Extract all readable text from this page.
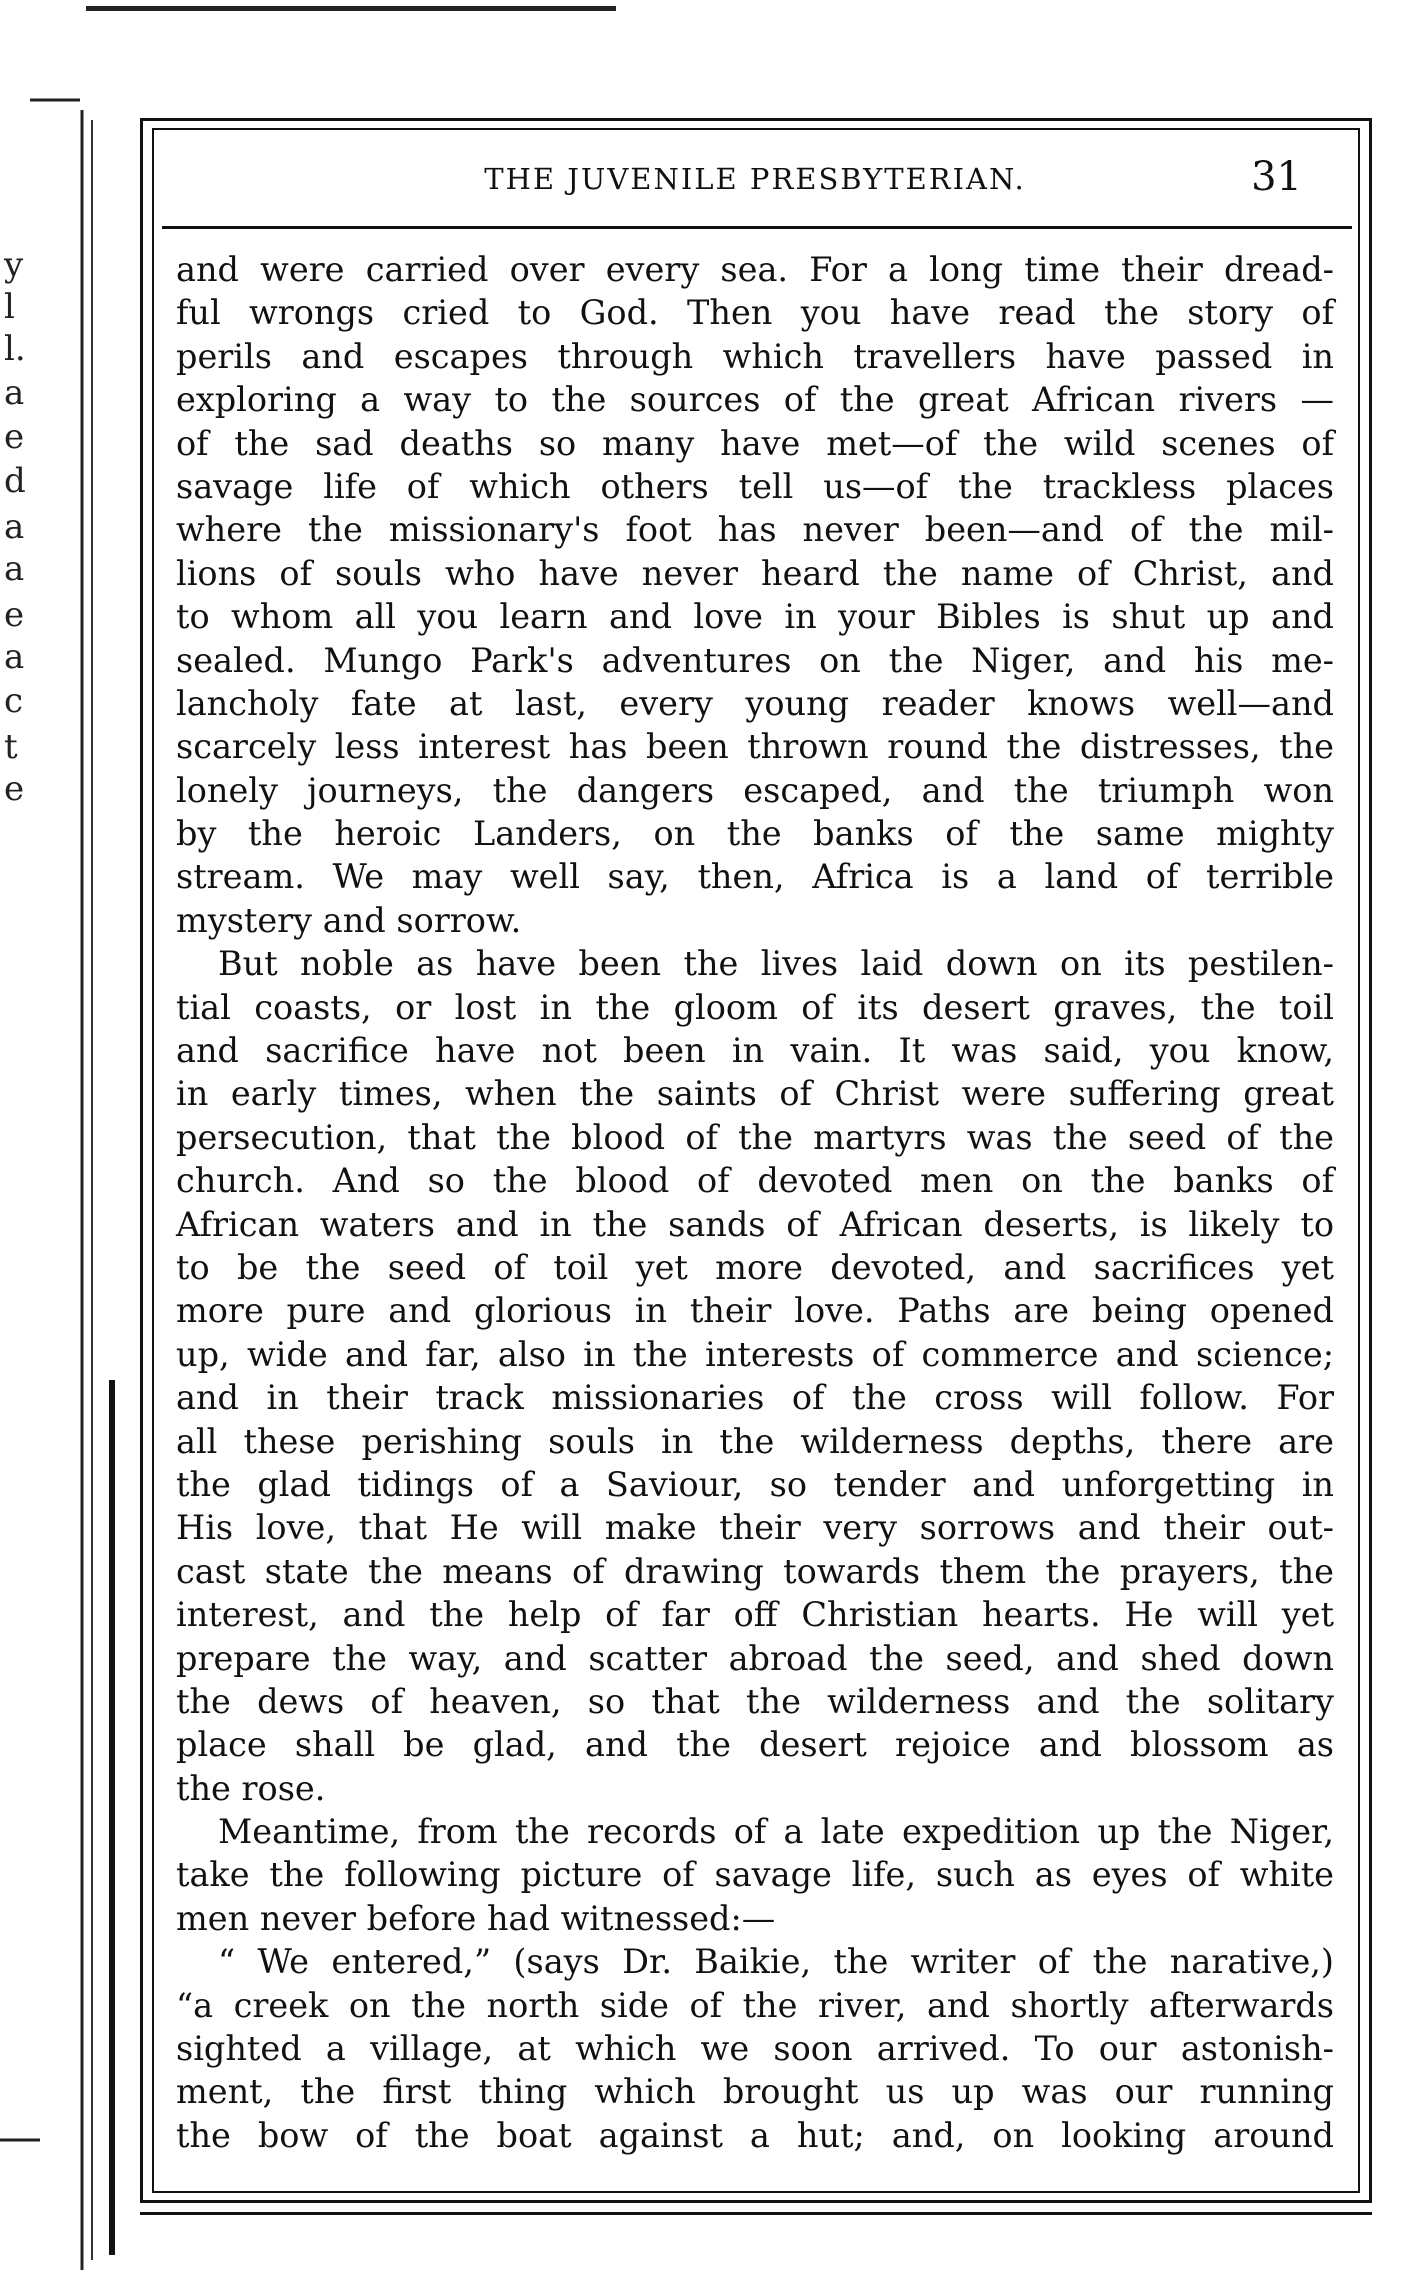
y
l
l.
a
e
d
a
a
e
a
c
t
e
THE JUVENILE PRESBYTERIAN.	31
and were carried over every sea. For a long time their dread-
ful wrongs cried to God. Then you have read the story of
perils and escapes through which travellers have passed in
exploring a way to the sources of the great African rivers —
of the sad deaths so many have met—of the wild scenes of
savage life of which others tell us—of the trackless places
where the missionary's foot has never been—and of the mil-
lions of souls who have never heard the name of Christ, and
to whom all you learn and love in your Bibles is shut up and
sealed. Mungo Park's adventures on the Niger, and his me-
lancholy fate at last, every young reader knows well—and
scarcely less interest has been thrown round the distresses, the
lonely journeys, the dangers escaped, and the triumph won
by the heroic Landers, on the banks of the same mighty
stream. We may well say, then, Africa is a land of terrible
mystery and sorrow.
But noble as have been the lives laid down on its pestilen-
tial coasts, or lost in the gloom of its desert graves, the toil
and sacrifice have not been in vain. It was said, you know,
in early times, when the saints of Christ were suffering great
persecution, that the blood of the martyrs was the seed of the
church. And so the blood of devoted men on the banks of
African waters and in the sands of African deserts, is likely to
to be the seed of toil yet more devoted, and sacrifices yet
more pure and glorious in their love. Paths are being opened
up, wide and far, also in the interests of commerce and science;
and in their track missionaries of the cross will follow. For
all these perishing souls in the wilderness depths, there are
the glad tidings of a Saviour, so tender and unforgetting in
His love, that He will make their very sorrows and their out-
cast state the means of drawing towards them the prayers, the
interest, and the help of far off Christian hearts. He will yet
prepare the way, and scatter abroad the seed, and shed down
the dews of heaven, so that the wilderness and the solitary
place shall be glad, and the desert rejoice and blossom as
the rose.
Meantime, from the records of a late expedition up the Niger,
take the following picture of savage life, such as eyes of white
men never before had witnessed:—
“ We entered,” (says Dr. Baikie, the writer of the narative,)
“a creek on the north side of the river, and shortly afterwards
sighted a village, at which we soon arrived. To our astonish-
ment, the first thing which brought us up was our running
the bow of the boat against a hut; and, on looking around
